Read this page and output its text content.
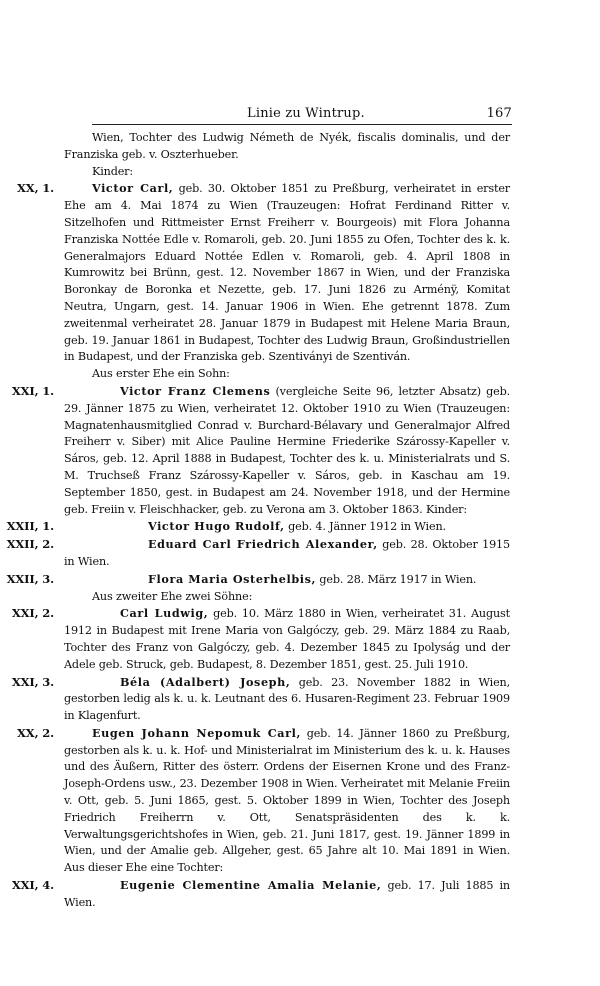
Linie zu Wintrup.	167
Wien, Tochter des Ludwig Németh de Nyék, fiscalis dominalis, und der Franziska geb. v. Oszterhueber.
Kinder:
XX, 1.	Victor Carl, geb. 30. Oktober 1851 zu Preßburg, verheiratet in erster Ehe am 4. Mai 1874 zu Wien (Trauzeugen: Hofrat Ferdinand Ritter v. Sitzelhofen und Rittmeister Ernst Freiherr v. Bourgeois) mit Flora Johanna Franziska Nottée Edle v. Romaroli, geb. 20. Juni 1855 zu Ofen, Tochter des k. k. Generalmajors Eduard Nottée Edlen v. Romaroli, geb. 4. April 1808 in Kumrowitz bei Brünn, gest. 12. November 1867 in Wien, und der Franziska Boronkay de Boronka et Nezette, geb. 17. Juni 1826 zu Arménÿ, Komitat Neutra, Ungarn, gest. 14. Januar 1906 in Wien. Ehe getrennt 1878. Zum zweitenmal verheiratet 28. Januar 1879 in Budapest mit Helene Maria Braun, geb. 19. Januar 1861 in Budapest, Tochter des Ludwig Braun, Großindustriellen in Budapest, und der Franziska geb. Szentiványi de Szentiván.
Aus erster Ehe ein Sohn:
XXI, 1.	Victor Franz Clemens (vergleiche Seite 96, letzter Absatz) geb. 29. Jänner 1875 zu Wien, verheiratet 12. Oktober 1910 zu Wien (Trauzeugen: Magnatenhausmitglied Conrad v. Burchard-Bélavary und Generalmajor Alfred Freiherr v. Siber) mit Alice Pauline Hermine Friederike Szárossy-Kapeller v. Sáros, geb. 12. April 1888 in Budapest, Tochter des k. u. Ministerialrats und S. M. Truchseß Franz Szárossy-Kapeller v. Sáros, geb. in Kaschau am 19. September 1850, gest. in Budapest am 24. November 1918, und der Hermine geb. Freiin v. Fleischhacker, geb. zu Verona am 3. Oktober 1863. Kinder:
XXII, 1.	Victor Hugo Rudolf, geb. 4. Jänner 1912 in Wien.
XXII, 2.	Eduard Carl Friedrich Alexander, geb. 28. Oktober 1915 in Wien.
XXII, 3.	Flora Maria Osterhelbis, geb. 28. März 1917 in Wien.
Aus zweiter Ehe zwei Söhne:
XXI, 2.	Carl Ludwig, geb. 10. März 1880 in Wien, verheiratet 31. August 1912 in Budapest mit Irene Maria von Galgóczy, geb. 29. März 1884 zu Raab, Tochter des Franz von Galgóczy, geb. 4. Dezember 1845 zu Ipolyság und der Adele geb. Struck, geb. Budapest, 8. Dezember 1851, gest. 25. Juli 1910.
XXI, 3.	Béla (Adalbert) Joseph, geb. 23. November 1882 in Wien, gestorben ledig als k. u. k. Leutnant des 6. Husaren-Regiment 23. Februar 1909 in Klagenfurt.
XX, 2.	Eugen Johann Nepomuk Carl, geb. 14. Jänner 1860 zu Preßburg, gestorben als k. u. k. Hof- und Ministerialrat im Ministerium des k. u. k. Hauses und des Äußern, Ritter des österr. Ordens der Eisernen Krone und des Franz-Joseph-Ordens usw., 23. Dezember 1908 in Wien. Verheiratet mit Melanie Freiin v. Ott, geb. 5. Juni 1865, gest. 5. Oktober 1899 in Wien, Tochter des Joseph Friedrich Freiherrn v. Ott, Senatspräsidenten des k. k. Verwaltungsgerichtshofes in Wien, geb. 21. Juni 1817, gest. 19. Jänner 1899 in Wien, und der Amalie geb. Allgeher, gest. 65 Jahre alt 10. Mai 1891 in Wien. Aus dieser Ehe eine Tochter:
XXI, 4.	Eugenie Clementine Amalia Melanie, geb. 17. Juli 1885 in Wien.
